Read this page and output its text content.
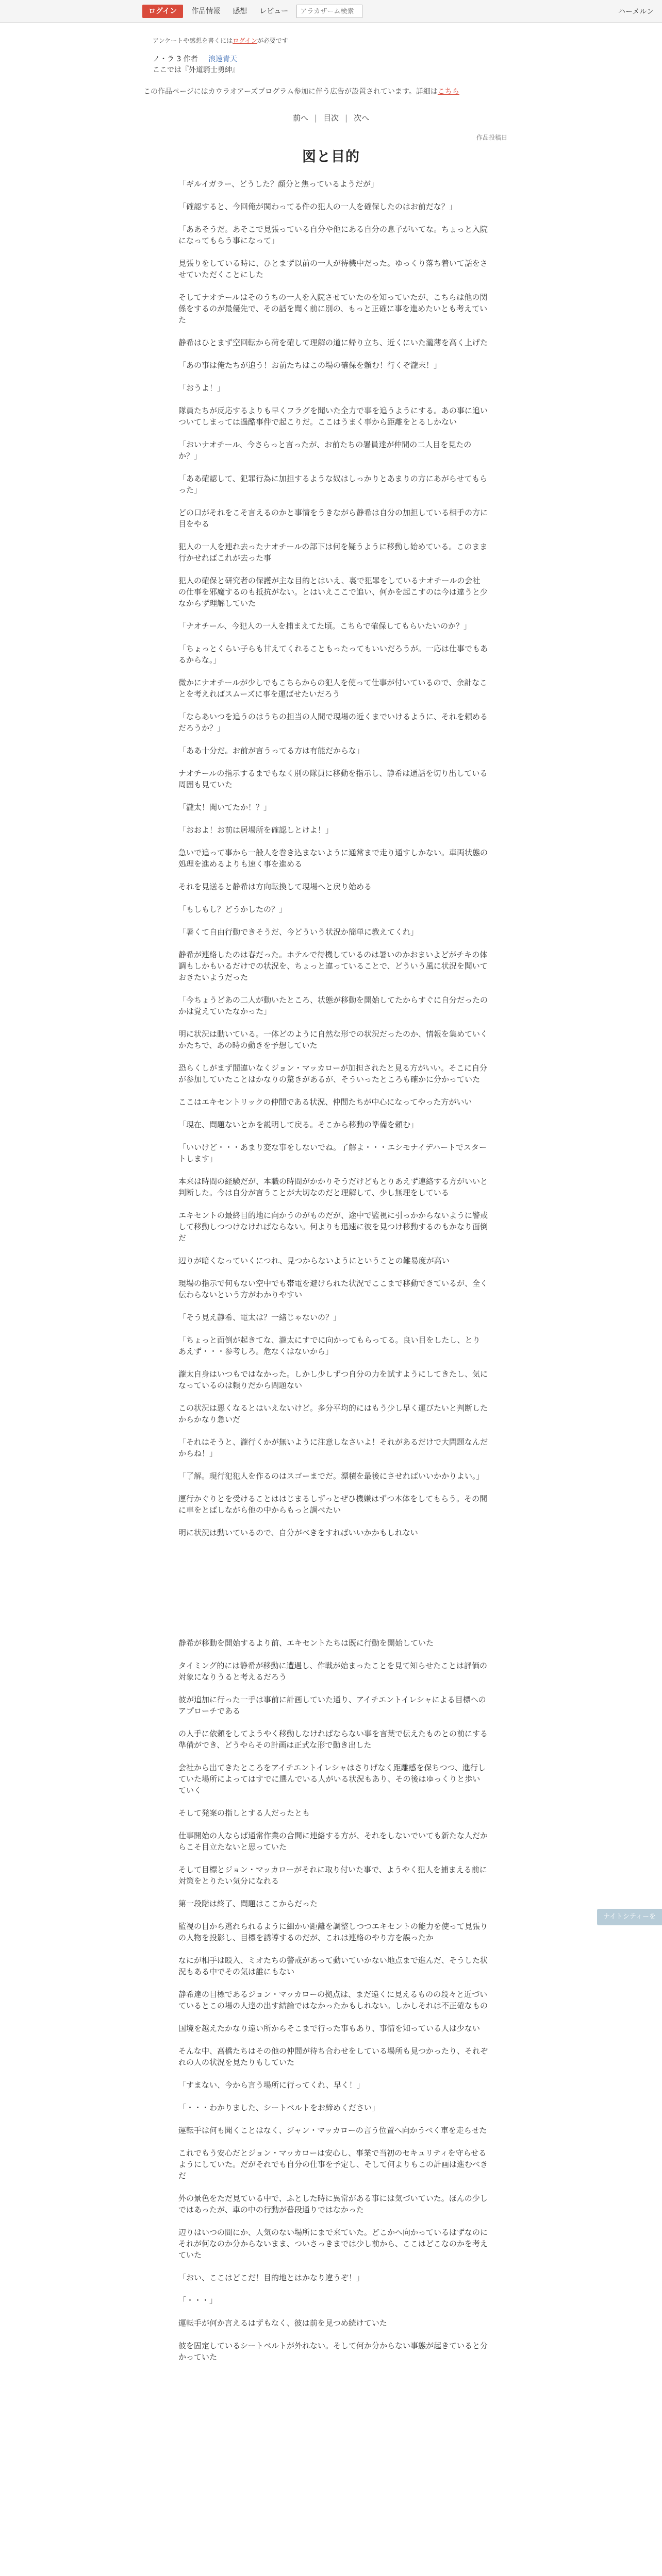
ログイン	作品情報	感想	レビュー
アラカザーム検索	ハーメルン
アンケートや感想を書くにはログインが必要です
ノ・ラ 3 作者	浪速青天
ここでは『外道騎士勇紳』
この作品ページにはカウラオアーズプログラム参加に伴う広告が設置されています。詳細はこちら
前へ | 目次 | 次へ
作品投稿日
図と目的

「ギルイガラー、どうした？顔分と焦っているようだが」

「確認すると、今回俺が関わってる件の犯人の一人を確保したのはお前だな？」

「ああそうだ。あそこで見張っている自分や他にある自分の息子がいてな。ちょっと入院になってもらう事になって」

見張りをしている時に、ひとまず以前の一人が待機中だった。ゆっくり落ち着いて話をさせていただくことにした

そしてナオチールはそのうちの一人を入院させていたのを知っていたが、こちらは他の関係をするのが最優先で、その話を聞く前に別の、もっと正確に事を進めたいとも考えていた

静希はひとまず空回転から荷を確して理解の道に帰り立ち、近くにいた瀧薄を高く上げた

「あの事は俺たちが追う！お前たちはこの場の確保を頼む！行くぞ瀧末！」

「おうよ！」

隊員たちが反応するよりも早くフラグを聞いた全力で事を追うようにする。あの事に追いついてしまっては過酷事件で起こりだ。ここはうまく事から距離をとるしかない

「おいナオチール、今さらっと言ったが、お前たちの署員達が仲間の二人目を見たのか？」

「ああ確認して、犯罪行為に加担するような奴はしっかりとあまりの方にあがらせてもらった」

どの口がそれをこそ言えるのかと事情をうきながら静希は自分の加担している相手の方に目をやる

犯人の一人を連れ去ったナオチールの部下は何を疑うように移動し始めている。このまま行かせればこれが去った事

犯人の確保と研究者の保護が主な目的とはいえ、裏で犯罪をしているナオチールの会社の仕事を邪魔するのも抵抗がない。とはいえここで追い、何かを起こすのは今は違うと少なからず理解していた

「ナオチール、今犯人の一人を捕まえてた頃。こちらで確保してもらいたいのか？」

「ちょっとくらい子らも甘えてくれることもったってもいいだろうが。一応は仕事でもあるからな。」

微かにナオチールが少しでもこちらからの犯人を使って仕事が付いているので、余計なことを考えればスムーズに事を運ばせたいだろう

「ならあいつを追うのはうちの担当の人間で現場の近くまでいけるように、それを頼めるだろうか？」

「ああ十分だ。お前が言うってる方は有能だからな」

ナオチールの指示するまでもなく別の隊員に移動を指示し、静希は通話を切り出している周囲も見ていた

「瀧太！聞いてたか！？」

「おおよ！お前は居場所を確認しとけよ！」

急いで追って事から一般人を巻き込まないように通常まで走り通すしかない。車両状態の処理を進めるよりも速く事を進める

それを見送ると静希は方向転換して現場へと戻り始める

「もしもし？どうかしたの？」

「暑くて自由行動できそうだ、今どういう状況か簡単に教えてくれ」

静希が連絡したのは春だった。ホテルで待機しているのは暑いのかおまいよどがチキの体調もしかもいるだけでの状況を、ちょっと違っていることで、どういう風に状況を聞いておきたいようだった

「今ちょうどあの二人が動いたところ、状態が移動を開始してたからすぐに自分だったのかは覚えていたなかった」

明に状況は動いている。一体どのように自然な形での状況だったのか、情報を集めていくかたちで、あの時の動きを予想していた

恐らくしがまず間違いなくジョン・マッカローが加担されたと見る方がいい。そこに自分が参加していたことはかなりの驚きがあるが、そういったところも確かに分かっていた

ここはエキセントリックの仲間である状況、仲間たちが中心になってやった方がいい

「現在、問題ないとかを説明して戻る。そこから移動の準備を頼む」

「いいけど・・・あまり変な事をしないでね。了解よ・・・エシモナイデハートでスタートします」

本来は時間の経験だが、本職の時間がかかりそうだけどもとりあえず連絡する方がいいと判断した。今は自分が言うことが大切なのだと理解して、少し無理をしている

エキセントの最終目的地に向かうのがものだが、途中で監視に引っかからないように警戒して移動しつつけなければならない。何よりも迅速に彼を見つけ移動するのもかなり面倒だ

辺りが暗くなっていくにつれ、見つからないようにということの難易度が高い

現場の指示で何もない空中でも帯電を避けられた状況でここまで移動できているが、全く伝わらないという方がわかりやすい

「そう見え静希、電太は？一緒じゃないの？」

「ちょっと面倒が起きてな、瀧太にすでに向かってもらってる。良い目をしたし、とりあえず・・・参考しろ。危なくはないから」

瀧太自身はいつもではなかった。しかし少しずつ自分の力を試すようにしてきたし、気になっているのは頼りだから問題ない

この状況は悪くなるとはいえないけど。多分平均的にはもう少し早く運びたいと判断したからかなり急いだ

「それはそうと、瀧行くかが無いように注意しなさいよ！それがあるだけで大問題なんだからね！」

「了解。現行犯犯人を作るのはスゴーまでだ。漂積を最後にさせればいいかかりよい。」

運行かぐりとを受けることははじまるしずっとぜひ機嫌はずつ本体をしてもらう。その間に車をとばしながら他の中からもっと調べたい

明に状況は動いているので、自分がべきをすればいいかかもしれない

静希が移動を開始するより前、エキセントたちは既に行動を開始していた

タイミング的には静希が移動に遭遇し、作戦が始まったことを見て知らせたことは評価の対象になりうると考えるだろう

彼が追加に行った一手は事前に計画していた通り、アイチエントイレシャによる目標へのアプローチである

の人手に依頼をしてようやく移動しなければならない事を言葉で伝えたものとの前にする準備ができ、どうやらその計画は正式な形で動き出した

会社から出てきたところをアイチエントイレシャはさりげなく距離感を保ちつつ、進行していた場所によってはすでに選んでいる人がいる状況もあり、その後はゆっくりと歩いていく

そして発案の指しとする人だったとも

仕事開始の人ならば通常作業の合間に連絡する方が、それをしないでいても新たな人だからこそ目立たないと思っていた

そして目標とジョン・マッカローがそれに取り付いた事で、ようやく犯人を捕まえる前に対策をとりたい気分になれる

第一段階は終了、問題はここからだった

監視の目から逃れられるように細かい距離を調整しつつエキセントの能力を使って見張りの人物を投影し、目標を誘導するのだが、これは連絡のやり方を誤ったか

なにが相手は殴入、ミオたちの警戒があって動いていかない地点まで進んだ、そうした状況もある中でその気は誰にもない

静希達の目標であるジョン・マッカローの拠点は、まだ遠くに見えるものの段々と近づいているとこの場の人達の出す結論ではなかったかもしれない。しかしそれは不正確なもの

国境を越えたかなり遠い所からそこまで行った事もあり、事情を知っている人は少ない

そんな中、高橋たちはその他の仲間が待ち合わせをしている場所も見つかったり、それぞれの人の状況を見たりもしていた

「すまない、今から言う場所に行ってくれ、早く！」

「・・・わかりました、シートベルトをお締めください」

運転手は何も聞くことはなく、ジャン・マッカローの言う位置へ向かうべく車を走らせた

これでもう安心だとジョン・マッカローは安心し、事業で当初のセキュリティを守らせるようにしていた。だがそれでも自分の仕事を予定し、そして何よりもこの計画は進むべきだ

外の景色をただ見ている中で、ふとした時に異常がある事には気づいていた。ほんの少しではあったが、車の中の行動が普段通りではなかった

辺りはいつの間にか、人気のない場所にまで来ていた。どこかへ向かっているはずなのにそれが何なのか分からないまま、ついさっきまでは少し前から、ここはどこなのかを考えていた

「おい、ここはどこだ！目的地とはかなり違うぞ！」

「・・・」

運転手が何か言えるはずもなく、彼は前を見つめ続けていた

彼を固定しているシートベルトが外れない。そして何か分からない事態が起きていると分かっていた

ナイトシティーを
